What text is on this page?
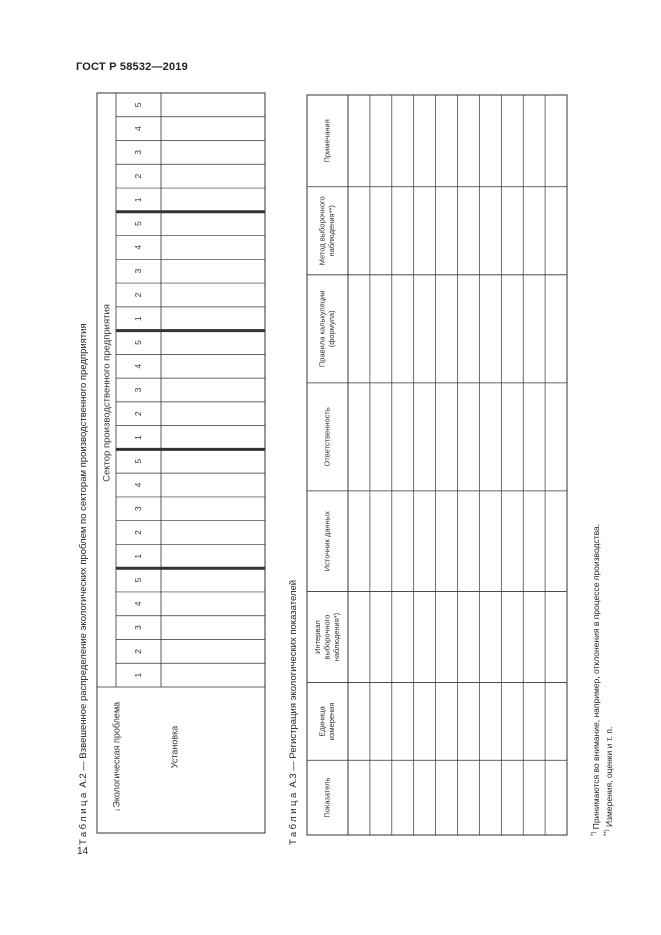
ГОСТ Р 58532—2019
Таблица А.2 — Взвешенное распределение экологических проблем по секторам производственного предприятия
1
2
3
4
5
1
2
3
4
5
1
2
3
4
5
1
2
3
4
5
1
2
3
4
5
Сектор производственного предприятия
↓Экологическая проблема	Установка
Таблица А.3 — Регистрация экологических показателей
Показатель
Единица измерения
Интервал выборочного наблюдения*)
Источник данных
Ответственность
Правила калькуляции (формула)
Метод выборочного наблюдения**)
Примечания
*) Принимаются во внимание, например, отклонения в процессе производства.
**) Измерения, оценки и т. п.
14
